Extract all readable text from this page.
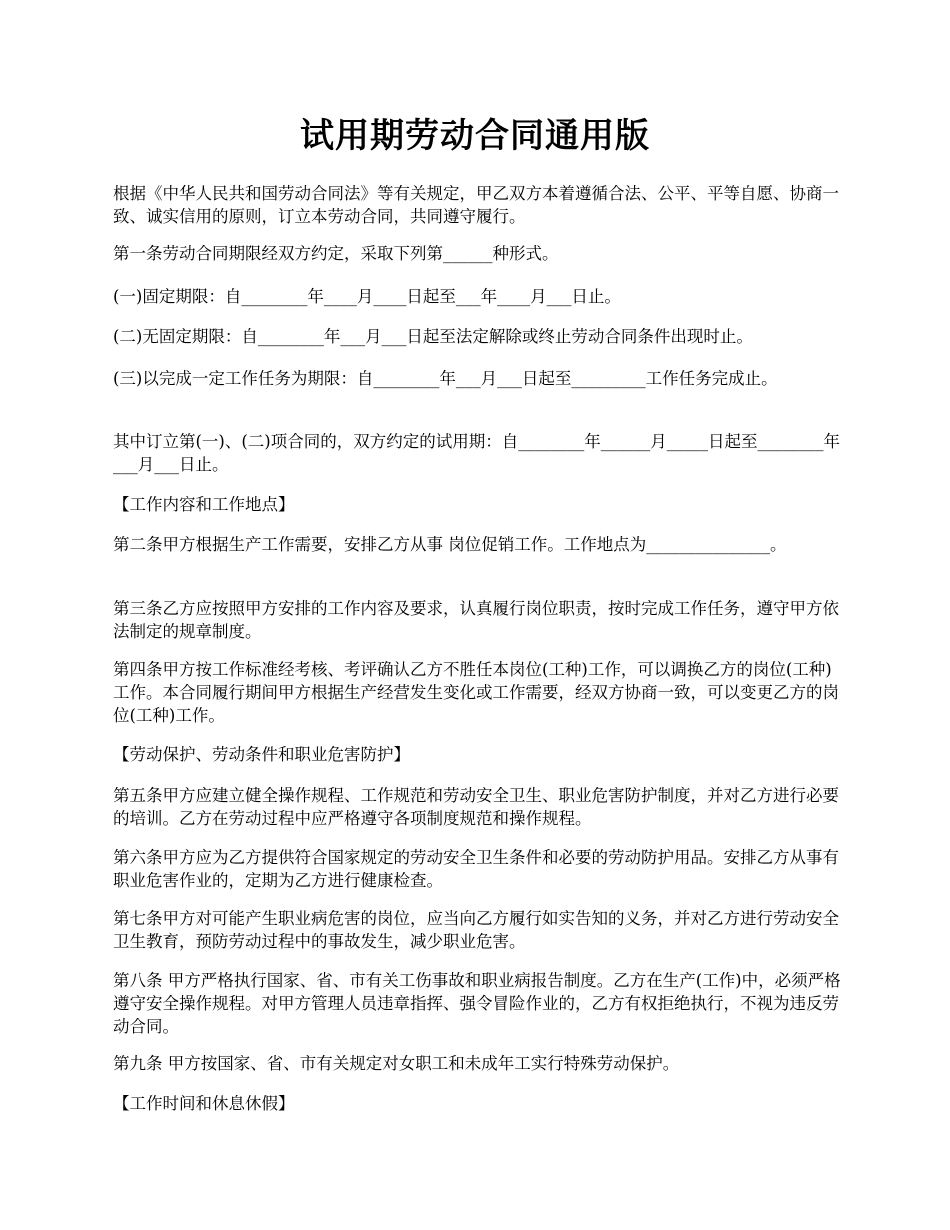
试用期劳动合同通用版

根据《中华人民共和国劳动合同法》等有关规定，甲乙双方本着遵循合法、公平、平等自愿、协商一致、诚实信用的原则，订立本劳动合同，共同遵守履行。

第一条劳动合同期限经双方约定，采取下列第______种形式。

(一)固定期限：自________年____月____日起至___年____月___日止。

(二)无固定期限：自________年___月___日起至法定解除或终止劳动合同条件出现时止。

(三)以完成一定工作任务为期限：自________年___月___日起至_________工作任务完成止。

其中订立第(一)、(二)项合同的，双方约定的试用期：自________年______月_____日起至________年___月___日止。

【工作内容和工作地点】

第二条甲方根据生产工作需要，安排乙方从事 岗位促销工作。工作地点为_______________。

第三条乙方应按照甲方安排的工作内容及要求，认真履行岗位职责，按时完成工作任务，遵守甲方依法制定的规章制度。

第四条甲方按工作标准经考核、考评确认乙方不胜任本岗位(工种)工作，可以调换乙方的岗位(工种)工作。本合同履行期间甲方根据生产经营发生变化或工作需要，经双方协商一致，可以变更乙方的岗位(工种)工作。

【劳动保护、劳动条件和职业危害防护】

第五条甲方应建立健全操作规程、工作规范和劳动安全卫生、职业危害防护制度，并对乙方进行必要的培训。乙方在劳动过程中应严格遵守各项制度规范和操作规程。

第六条甲方应为乙方提供符合国家规定的劳动安全卫生条件和必要的劳动防护用品。安排乙方从事有职业危害作业的，定期为乙方进行健康检查。

第七条甲方对可能产生职业病危害的岗位，应当向乙方履行如实告知的义务，并对乙方进行劳动安全卫生教育，预防劳动过程中的事故发生，减少职业危害。

第八条 甲方严格执行国家、省、市有关工伤事故和职业病报告制度。乙方在生产(工作)中，必须严格遵守安全操作规程。对甲方管理人员违章指挥、强令冒险作业的，乙方有权拒绝执行，不视为违反劳动合同。

第九条 甲方按国家、省、市有关规定对女职工和未成年工实行特殊劳动保护。

【工作时间和休息休假】
